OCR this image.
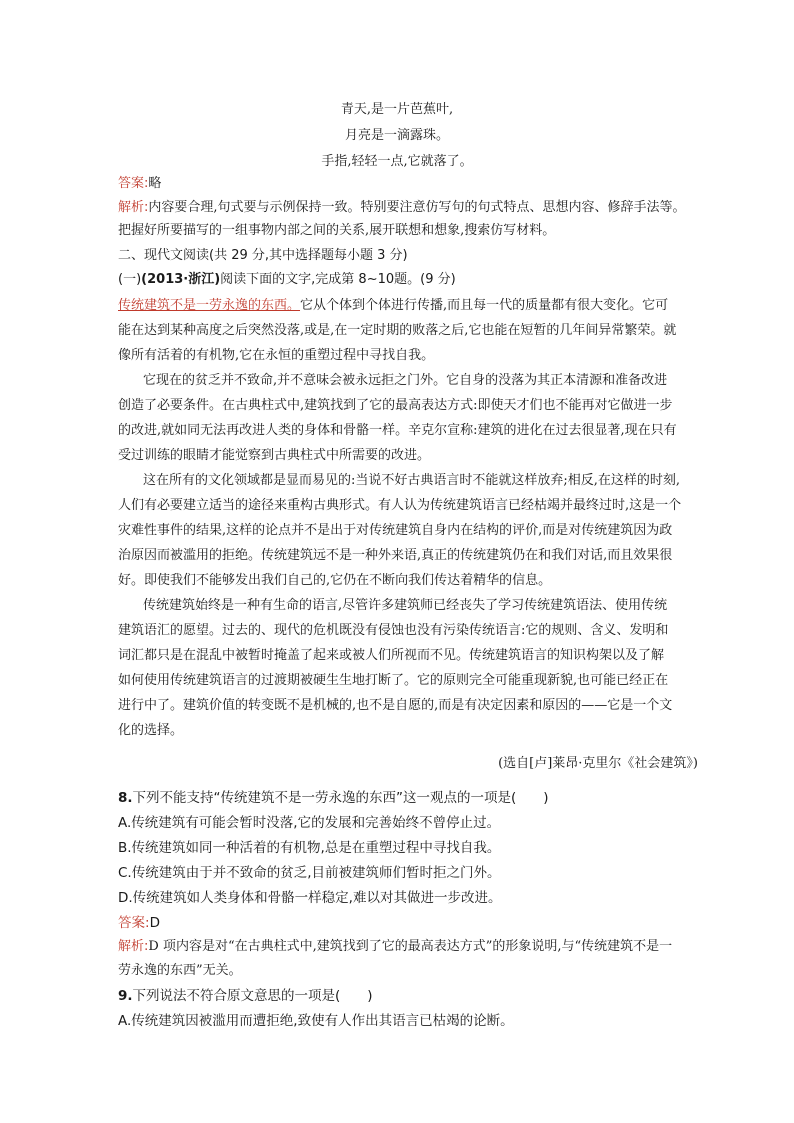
青天,是一片芭蕉叶,
月亮是一滴露珠。
手指,轻轻一点,它就落了。
答案:略
解析:内容要合理,句式要与示例保持一致。特别要注意仿写句的句式特点、思想内容、修辞手法等。
把握好所要描写的一组事物内部之间的关系,展开联想和想象,搜索仿写材料。
二、现代文阅读(共 29 分,其中选择题每小题 3 分)
(一)(2013·浙江)阅读下面的文字,完成第 8~10题。(9 分)
传统建筑不是一劳永逸的东西。它从个体到个体进行传播,而且每一代的质量都有很大变化。它可
能在达到某种高度之后突然没落,或是,在一定时期的败落之后,它也能在短暂的几年间异常繁荣。就
像所有活着的有机物,它在永恒的重塑过程中寻找自我。
它现在的贫乏并不致命,并不意味会被永远拒之门外。它自身的没落为其正本清源和准备改进
创造了必要条件。在古典柱式中,建筑找到了它的最高表达方式:即使天才们也不能再对它做进一步
的改进,就如同无法再改进人类的身体和骨骼一样。辛克尔宣称:建筑的进化在过去很显著,现在只有
受过训练的眼睛才能觉察到古典柱式中所需要的改进。
这在所有的文化领域都是显而易见的:当说不好古典语言时不能就这样放弃;相反,在这样的时刻,
人们有必要建立适当的途径来重构古典形式。有人认为传统建筑语言已经枯竭并最终过时,这是一个
灾难性事件的结果,这样的论点并不是出于对传统建筑自身内在结构的评价,而是对传统建筑因为政
治原因而被滥用的拒绝。传统建筑远不是一种外来语,真正的传统建筑仍在和我们对话,而且效果很
好。即使我们不能够发出我们自己的,它仍在不断向我们传达着精华的信息。
传统建筑始终是一种有生命的语言,尽管许多建筑师已经丧失了学习传统建筑语法、使用传统
建筑语汇的愿望。过去的、现代的危机既没有侵蚀也没有污染传统语言:它的规则、含义、发明和
词汇都只是在混乱中被暂时掩盖了起来或被人们所视而不见。传统建筑语言的知识构架以及了解
如何使用传统建筑语言的过渡期被硬生生地打断了。它的原则完全可能重现新貌,也可能已经正在
进行中了。建筑价值的转变既不是机械的,也不是自愿的,而是有决定因素和原因的——它是一个文
化的选择。
(选自[卢]莱昂·克里尔《社会建筑》)
8.下列不能支持“传统建筑不是一劳永逸的东西”这一观点的一项是(　　)
A.传统建筑有可能会暂时没落,它的发展和完善始终不曾停止过。
B.传统建筑如同一种活着的有机物,总是在重塑过程中寻找自我。
C.传统建筑由于并不致命的贫乏,目前被建筑师们暂时拒之门外。
D.传统建筑如人类身体和骨骼一样稳定,难以对其做进一步改进。
答案:D
解析:D 项内容是对“在古典柱式中,建筑找到了它的最高表达方式”的形象说明,与“传统建筑不是一
劳永逸的东西”无关。
9.下列说法不符合原文意思的一项是(　　)
A.传统建筑因被滥用而遭拒绝,致使有人作出其语言已枯竭的论断。
